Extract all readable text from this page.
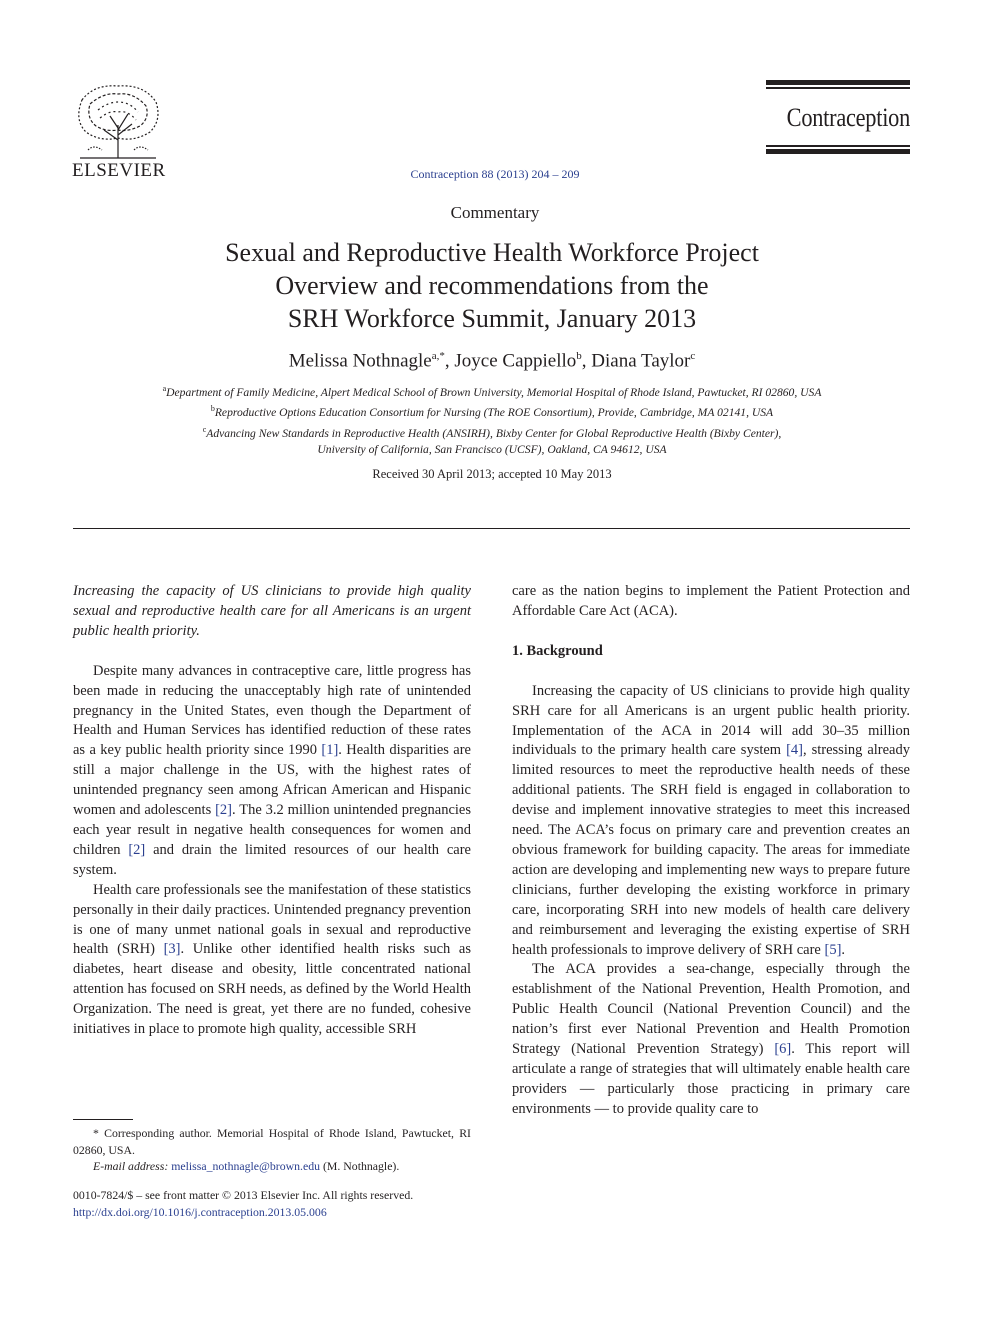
ELSEVIER	Contraception 88 (2013) 204 – 209
Contraception
Commentary
Sexual and Reproductive Health Workforce Project
Overview and recommendations from the
SRH Workforce Summit, January 2013
Melissa Nothnagle$^{a,*}$, Joyce Cappiello$^b$, Diana Taylor$^c$
$^a$Department of Family Medicine, Alpert Medical School of Brown University, Memorial Hospital of Rhode Island, Pawtucket, RI 02860, USA
$^b$Reproductive Options Education Consortium for Nursing (The ROE Consortium), Provide, Cambridge, MA 02141, USA
$^c$Advancing New Standards in Reproductive Health (ANSIRH), Bixby Center for Global Reproductive Health (Bixby Center),
University of California, San Francisco (UCSF), Oakland, CA 94612, USA
Received 30 April 2013; accepted 10 May 2013

Increasing the capacity of US clinicians to provide high quality sexual and reproductive health care for all Americans is an urgent public health priority.

Despite many advances in contraceptive care, little progress has been made in reducing the unacceptably high rate of unintended pregnancy in the United States, even though the Department of Health and Human Services has identified reduction of these rates as a key public health priority since 1990 [1]. Health disparities are still a major challenge in the US, with the highest rates of unintended pregnancy seen among African American and Hispanic women and adolescents [2]. The 3.2 million unintended pregnancies each year result in negative health consequences for women and children [2] and drain the limited resources of our health care system.

Health care professionals see the manifestation of these statistics personally in their daily practices. Unintended pregnancy prevention is one of many unmet national goals in sexual and reproductive health (SRH) [3]. Unlike other identified health risks such as diabetes, heart disease and obesity, little concentrated national attention has focused on SRH needs, as defined by the World Health Organization. The need is great, yet there are no funded, cohesive initiatives in place to promote high quality, accessible SRH

care as the nation begins to implement the Patient Protection and Affordable Care Act (ACA).

1. Background

Increasing the capacity of US clinicians to provide high quality SRH care for all Americans is an urgent public health priority. Implementation of the ACA in 2014 will add 30–35 million individuals to the primary health care system [4], stressing already limited resources to meet the reproductive health needs of these additional patients. The SRH field is engaged in collaboration to devise and implement innovative strategies to meet this increased need. The ACA’s focus on primary care and prevention creates an obvious framework for building capacity. The areas for immediate action are developing and implementing new ways to prepare future clinicians, further developing the existing workforce in primary care, incorporating SRH into new models of health care delivery and reimbursement and leveraging the existing expertise of SRH health professionals to improve delivery of SRH care [5].

The ACA provides a sea-change, especially through the establishment of the National Prevention, Health Promotion, and Public Health Council (National Prevention Council) and the nation’s first ever National Prevention and Health Promotion Strategy (National Prevention Strategy) [6]. This report will articulate a range of strategies that will ultimately enable health care providers — particularly those practicing in primary care environments — to provide quality care to

* Corresponding author. Memorial Hospital of Rhode Island, Pawtucket, RI 02860, USA.
E-mail address: melissa_nothnagle@brown.edu (M. Nothnagle).
0010-7824/$ – see front matter © 2013 Elsevier Inc. All rights reserved.
http://dx.doi.org/10.1016/j.contraception.2013.05.006
